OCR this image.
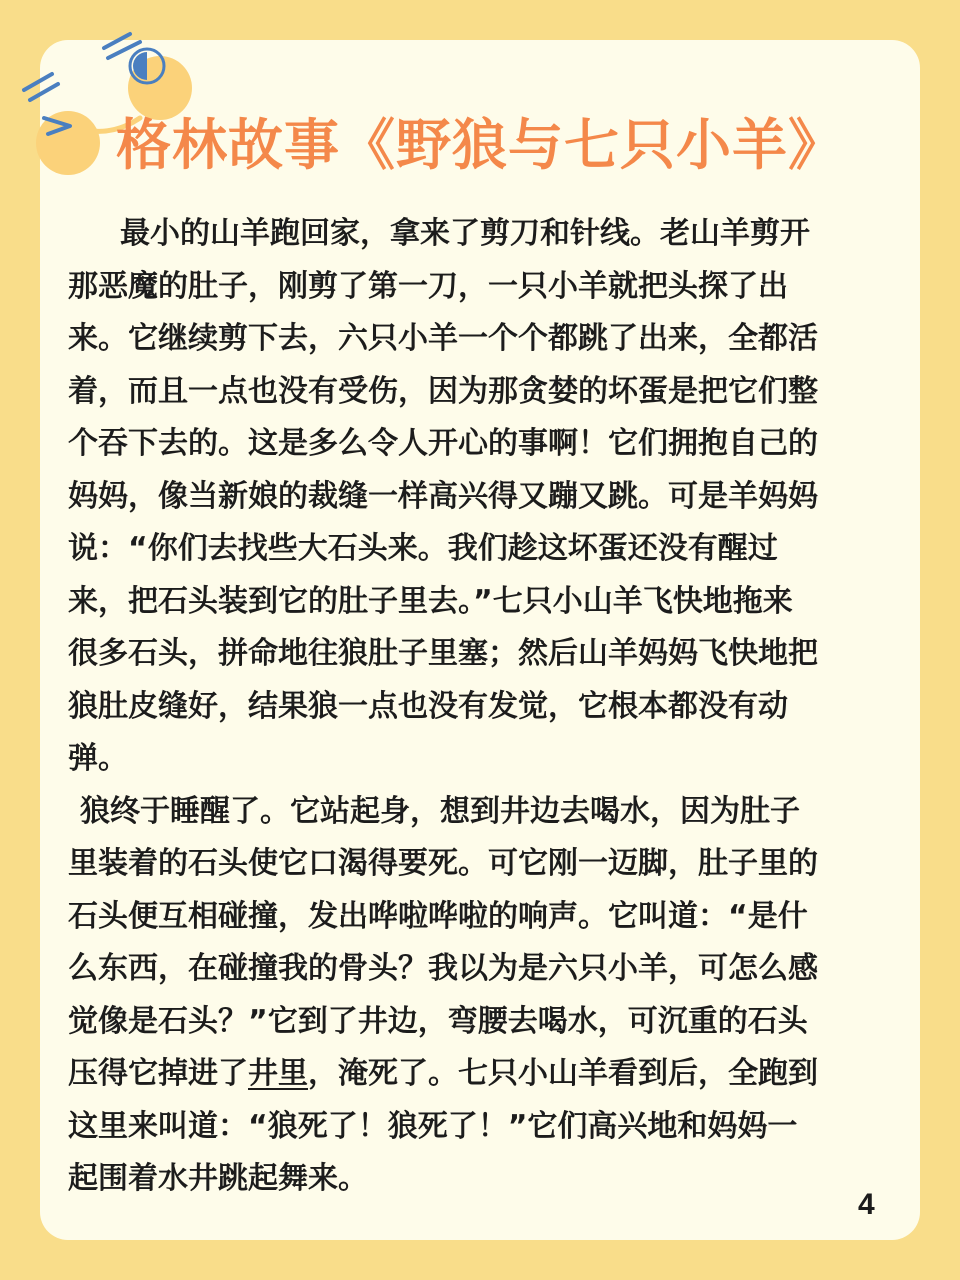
格林故事《野狼与七只小羊》

最小的山羊跑回家，拿来了剪刀和针线。老山羊剪开

那恶魔的肚子，刚剪了第一刀，一只小羊就把头探了出

来。它继续剪下去，六只小羊一个个都跳了出来，全都活

着，而且一点也没有受伤，因为那贪婪的坏蛋是把它们整

个吞下去的。这是多么令人开心的事啊！它们拥抱自己的

妈妈，像当新娘的裁缝一样高兴得又蹦又跳。可是羊妈妈

说：“你们去找些大石头来。我们趁这坏蛋还没有醒过

来，把石头装到它的肚子里去。”七只小山羊飞快地拖来

很多石头，拼命地往狼肚子里塞；然后山羊妈妈飞快地把

狼肚皮缝好，结果狼一点也没有发觉，它根本都没有动

弹。

狼终于睡醒了。它站起身，想到井边去喝水，因为肚子

里装着的石头使它口渴得要死。可它刚一迈脚，肚子里的

石头便互相碰撞，发出哗啦哗啦的响声。它叫道：“是什

么东西，在碰撞我的骨头？我以为是六只小羊，可怎么感

觉像是石头？”它到了井边，弯腰去喝水，可沉重的石头

压得它掉进了井里，淹死了。七只小山羊看到后，全跑到

这里来叫道：“狼死了！狼死了！”它们高兴地和妈妈一

起围着水井跳起舞来。

4
